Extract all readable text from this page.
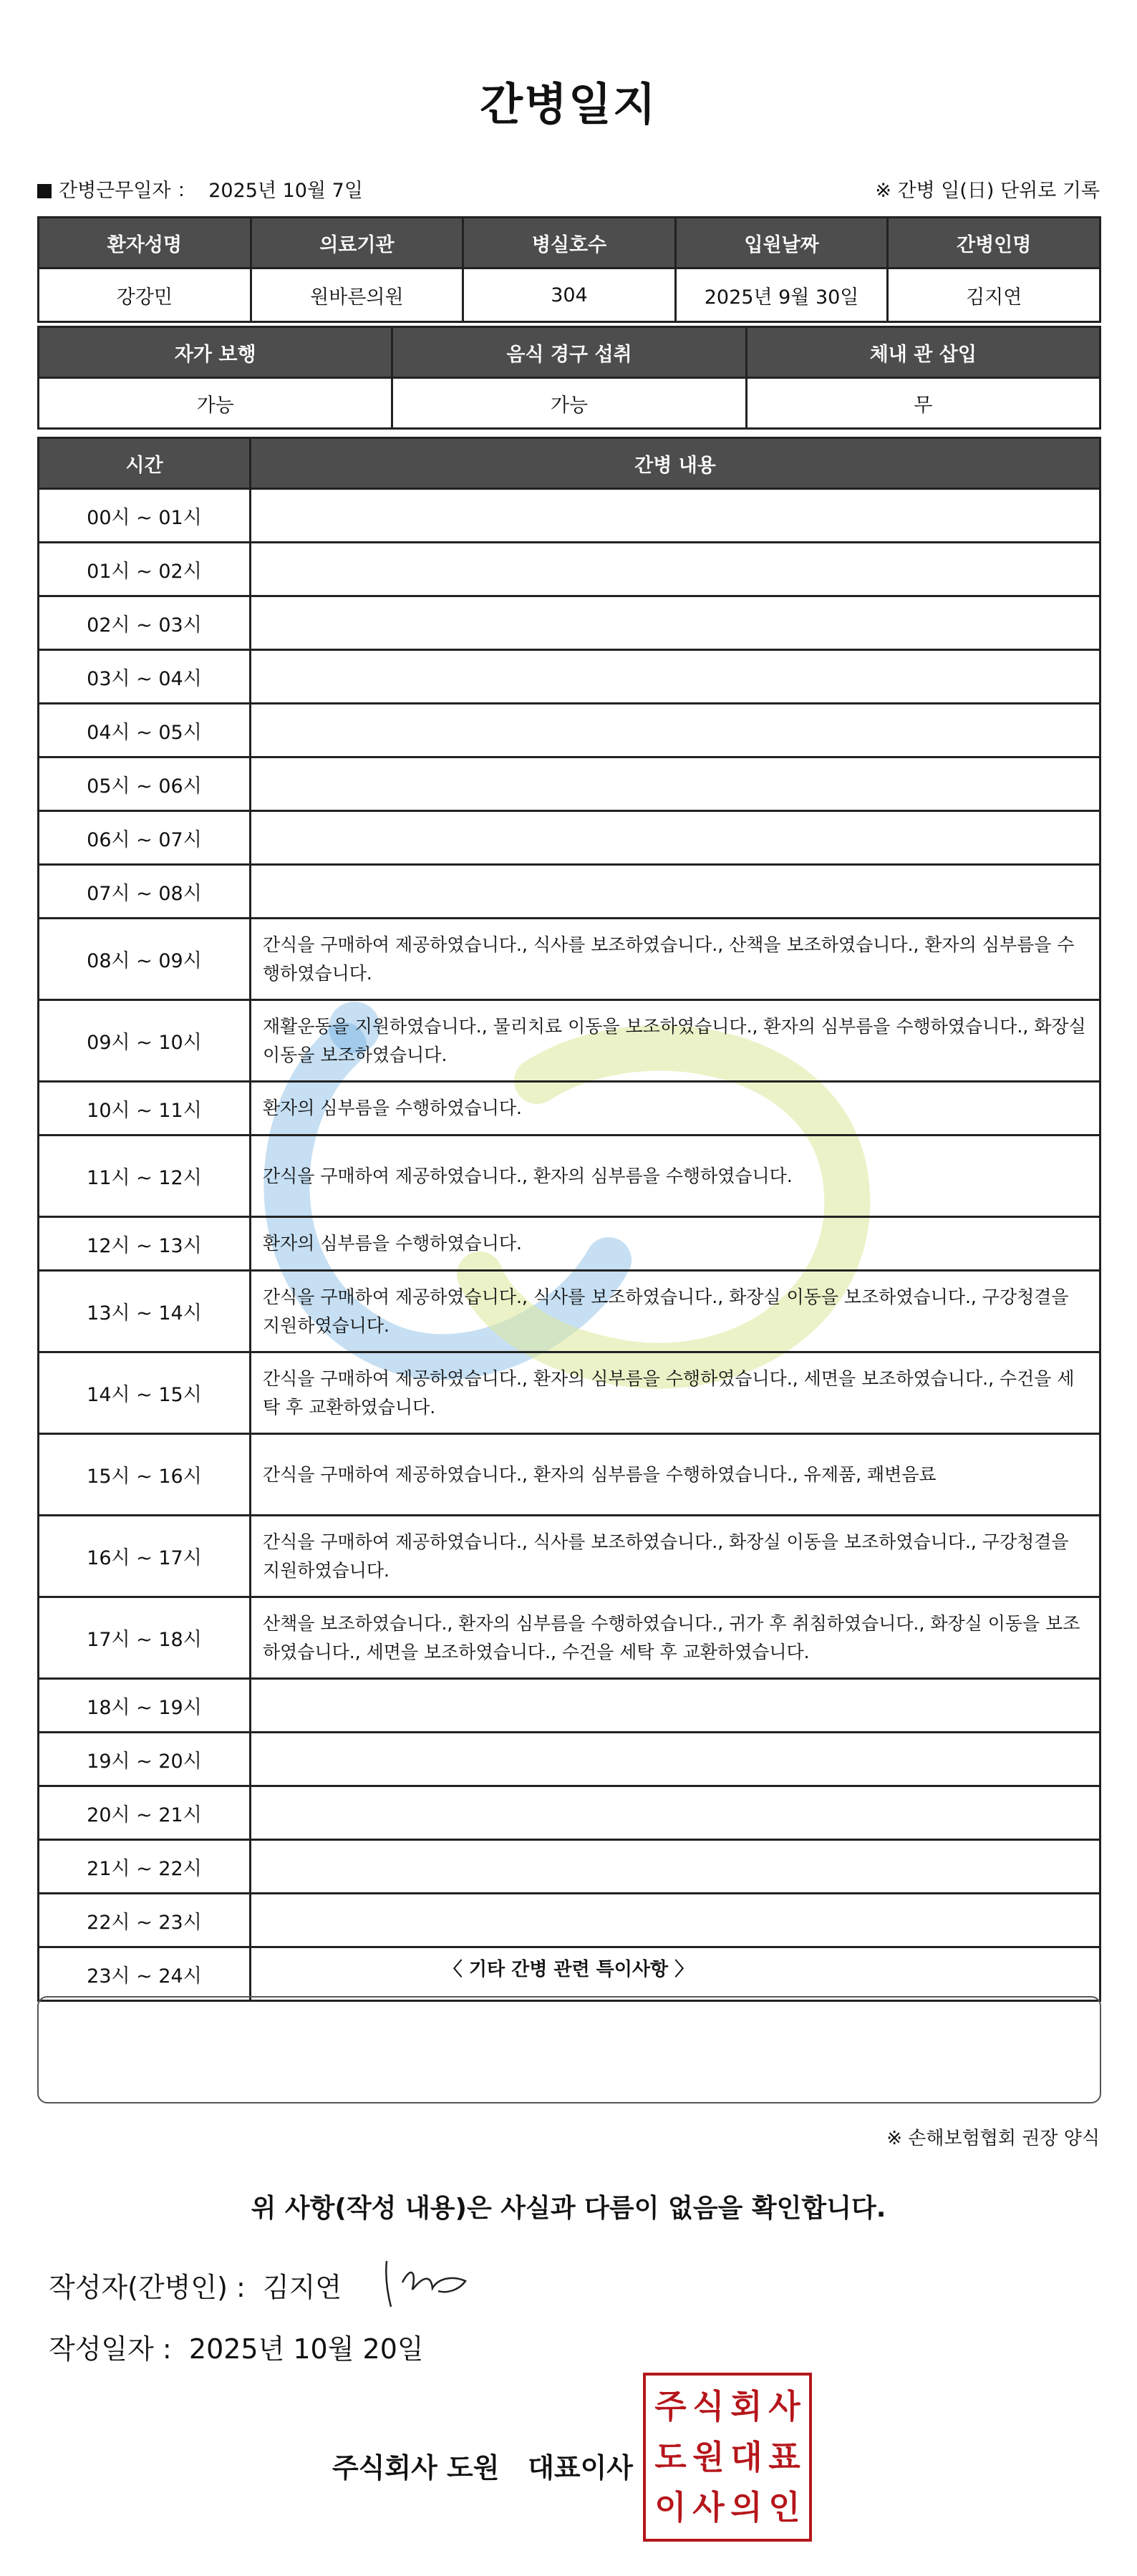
간병일지
간병근무일자 ： 2025년 10월 7일	※ 간병 일(日) 단위로 기록
환자성명	의료기관	병실호수	입원날짜	간병인명
강강민	원바른의원	304	2025년 9월 30일	김지연
자가 보행	음식 경구 섭취	체내 관 삽입
가능	가능	무
시간	간병 내용
00시 ~ 01시	
01시 ~ 02시	
02시 ~ 03시	
03시 ~ 04시	
04시 ~ 05시	
05시 ~ 06시	
06시 ~ 07시	
07시 ~ 08시	
08시 ~ 09시	간식을 구매하여 제공하였습니다., 식사를 보조하였습니다., 산책을 보조하였습니다., 환자의 심부름을 수행하였습니다.
09시 ~ 10시	재활운동을 지원하였습니다., 물리치료 이동을 보조하였습니다., 환자의 심부름을 수행하였습니다., 화장실 이동을 보조하였습니다.
10시 ~ 11시	환자의 심부름을 수행하였습니다.
11시 ~ 12시	간식을 구매하여 제공하였습니다., 환자의 심부름을 수행하였습니다.
12시 ~ 13시	환자의 심부름을 수행하였습니다.
13시 ~ 14시	간식을 구매하여 제공하였습니다., 식사를 보조하였습니다., 화장실 이동을 보조하였습니다., 구강청결을 지원하였습니다.
14시 ~ 15시	간식을 구매하여 제공하였습니다., 환자의 심부름을 수행하였습니다., 세면을 보조하였습니다., 수건을 세탁 후 교환하였습니다.
15시 ~ 16시	간식을 구매하여 제공하였습니다., 환자의 심부름을 수행하였습니다., 유제품, 쾌변음료
16시 ~ 17시	간식을 구매하여 제공하였습니다., 식사를 보조하였습니다., 화장실 이동을 보조하였습니다., 구강청결을 지원하였습니다.
17시 ~ 18시	산책을 보조하였습니다., 환자의 심부름을 수행하였습니다., 귀가 후 취침하였습니다., 화장실 이동을 보조하였습니다., 세면을 보조하였습니다., 수건을 세탁 후 교환하였습니다.
18시 ~ 19시	
19시 ~ 20시	
20시 ~ 21시	
21시 ~ 22시	
22시 ~ 23시	
23시 ~ 24시		〈 기타 간병 관련 특이사항 〉
※ 손해보험협회 권장 양식
위 사항(작성 내용)은 사실과 다름이 없음을 확인합니다.
작성자(간병인) : 김지연
작성일자 : 2025년 10월 20일
주식회사 도원 대표이사
주 식 회 사
도 원 대 표
이 사 의 인
